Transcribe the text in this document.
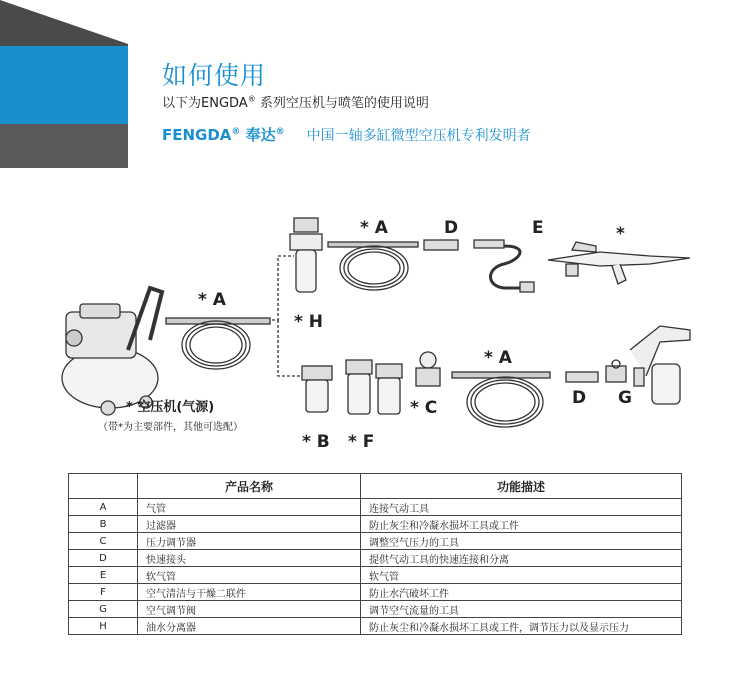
如何使用
以下为ENGDA® 系列空压机与喷笔的使用说明
FENGDA® 奉达® 中国一轴多缸微型空压机专利发明者
* A
* A
* A
* H
D
D
E	*
* B * F
* C	G
* 空压机(气源)
（带*为主要部件，其他可选配）
	产品名称	功能描述
A	气管	连接气动工具
B	过滤器	防止灰尘和冷凝水损坏工具或工件
C	压力调节器	调整空气压力的工具
D	快速接头	提供气动工具的快速连接和分离
E	软气管	软气管
F	空气清洁与干燥二联件	防止水汽破坏工件
G	空气调节阀	调节空气流量的工具
H	油水分离器	防止灰尘和冷凝水损坏工具或工件，调节压力以及显示压力
